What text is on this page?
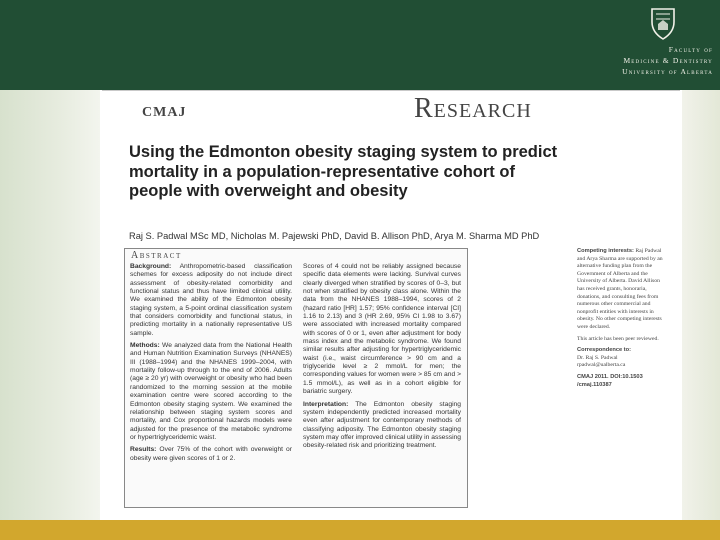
Faculty of
Medicine & Dentistry
University of Alberta
CMAJ	Research
Using the Edmonton obesity staging system to predict mortality in a population-representative cohort of people with overweight and obesity
Raj S. Padwal MSc MD, Nicholas M. Pajewski PhD, David B. Allison PhD, Arya M. Sharma MD PhD
Abstract

Background: Anthropometric-based classification schemes for excess adiposity do not include direct assessment of obesity-related comorbidity and functional status and thus have limited clinical utility. We examined the ability of the Edmonton obesity staging system, a 5-point ordinal classification system that considers comorbidity and functional status, in predicting mortality in a nationally representative US sample.

Methods: We analyzed data from the National Health and Human Nutrition Examination Surveys (NHANES) III (1988–1994) and the NHANES 1999–2004, with mortality follow-up through to the end of 2006. Adults (age ≥ 20 yr) with overweight or obesity who had been randomized to the morning session at the mobile examination centre were scored according to the Edmonton obesity staging system. We examined the relationship between staging system scores and mortality, and Cox proportional hazards models were adjusted for the presence of the metabolic syndrome or hypertriglyceridemic waist.

Results: Over 75% of the cohort with overweight or obesity were given scores of 1 or 2.

Scores of 4 could not be reliably assigned because specific data elements were lacking. Survival curves clearly diverged when stratified by scores of 0–3, but not when stratified by obesity class alone. Within the data from the NHANES 1988–1994, scores of 2 (hazard ratio [HR] 1.57; 95% confidence interval [CI] 1.16 to 2.13) and 3 (HR 2.69, 95% CI 1.98 to 3.67) were associated with increased mortality compared with scores of 0 or 1, even after adjustment for body mass index and the metabolic syndrome. We found similar results after adjusting for hypertriglyceridemic waist (i.e., waist circumference > 90 cm and a triglyceride level ≥ 2 mmol/L for men; the corresponding values for women were > 85 cm and > 1.5 mmol/L), as well as in a cohort eligible for bariatric surgery.

Interpretation: The Edmonton obesity staging system independently predicted increased mortality even after adjustment for contemporary methods of classifying adiposity. The Edmonton obesity staging system may offer improved clinical utility in assessing obesity-related risk and prioritizing treatment.

Competing interests: Raj Padwal and Arya Sharma are supported by an alternative funding plan from the Government of Alberta and the University of Alberta. David Allison has received grants, honoraria, donations, and consulting fees from numerous other commercial and nonprofit entities with interests in obesity. No other competing interests were declared.

This article has been peer reviewed.

Correspondence to:
Dr. Raj S. Padwal
rpadwal@ualberta.ca

CMAJ 2011. DOI:10.1503
/cmaj.110387
